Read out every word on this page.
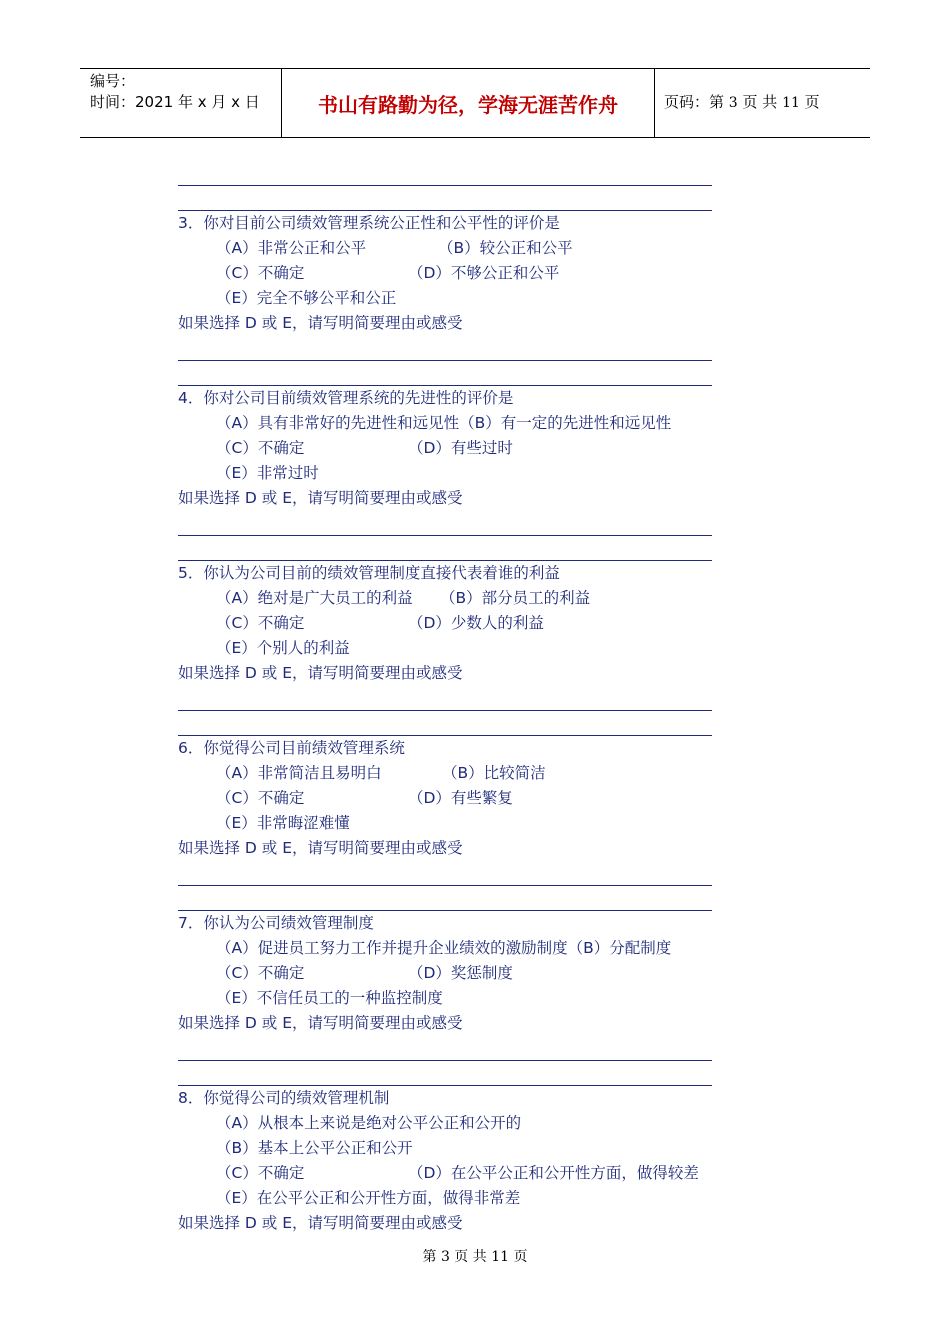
编号：
时间：2021 年 x 月 x 日	书山有路勤为径，学海无涯苦作舟	页码：第 3 页 共 11 页
3．你对目前公司绩效管理系统公正性和公平性的评价是
（A）非常公正和公平	（B）较公正和公平
（C）不确定	（D）不够公正和公平
（E）完全不够公平和公正
如果选择 D 或 E，请写明简要理由或感受
4．你对公司目前绩效管理系统的先进性的评价是
（A）具有非常好的先进性和远见性（B）有一定的先进性和远见性
（C）不确定	（D）有些过时
（E）非常过时
如果选择 D 或 E，请写明简要理由或感受
5．你认为公司目前的绩效管理制度直接代表着谁的利益
（A）绝对是广大员工的利益 （B）部分员工的利益
（C）不确定	（D）少数人的利益
（E）个别人的利益
如果选择 D 或 E，请写明简要理由或感受
6．你觉得公司目前绩效管理系统
（A）非常简洁且易明白	（B）比较简洁
（C）不确定	（D）有些繁复
（E）非常晦涩难懂
如果选择 D 或 E，请写明简要理由或感受
7．你认为公司绩效管理制度
（A）促进员工努力工作并提升企业绩效的激励制度（B）分配制度
（C）不确定	（D）奖惩制度
（E）不信任员工的一种监控制度
如果选择 D 或 E，请写明简要理由或感受
8．你觉得公司的绩效管理机制
（A）从根本上来说是绝对公平公正和公开的
（B）基本上公平公正和公开
（C）不确定	（D）在公平公正和公开性方面，做得较差
（E）在公平公正和公开性方面，做得非常差
如果选择 D 或 E，请写明简要理由或感受
第 3 页 共 11 页
